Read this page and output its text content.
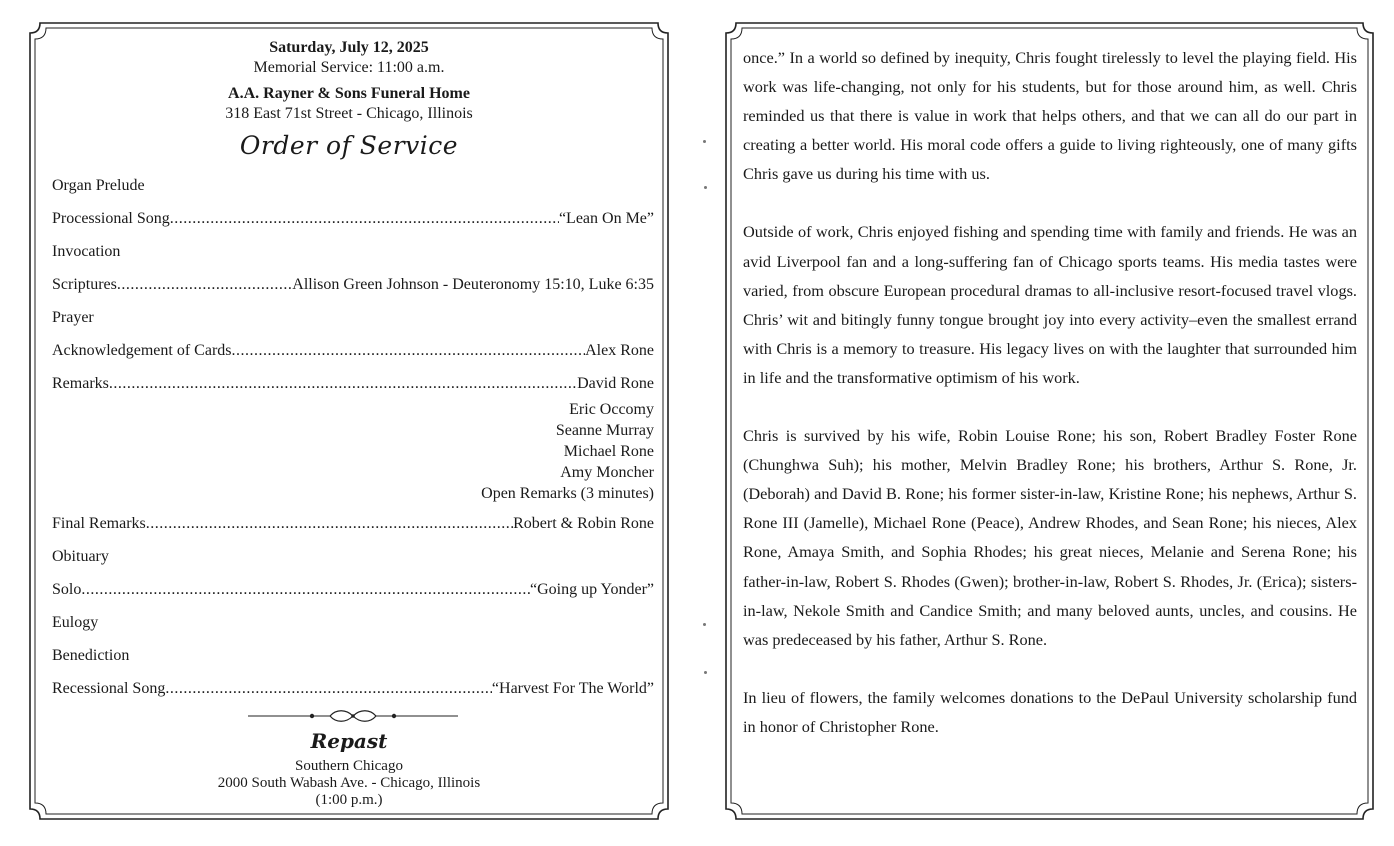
Saturday, July 12, 2025
Memorial Service: 11:00 a.m.
A.A. Rayner & Sons Funeral Home
318 East 71st Street - Chicago, Illinois
Order of Service
Organ Prelude
Processional Song .....	“Lean On Me”
Invocation
Scriptures .....	Allison Green Johnson - Deuteronomy 15:10, Luke 6:35
Prayer
Acknowledgement of Cards .....	Alex Rone
Remarks .....	David Rone
Eric Occomy
Seanne Murray
Michael Rone
Amy Moncher
Open Remarks (3 minutes)
Final Remarks .....	Robert & Robin Rone
Obituary
Solo .....	“Going up Yonder”
Eulogy
Benediction
Recessional Song .....	“Harvest For The World”
Repast
Southern Chicago
2000 South Wabash Ave. - Chicago, Illinois
(1:00 p.m.)

once.” In a world so defined by inequity, Chris fought tirelessly to level the playing field. His work was life-changing, not only for his students, but for those around him, as well. Chris reminded us that there is value in work that helps others, and that we can all do our part in creating a better world. His moral code offers a guide to living righteously, one of many gifts Chris gave us during his time with us.

Outside of work, Chris enjoyed fishing and spending time with family and friends. He was an avid Liverpool fan and a long-suffering fan of Chicago sports teams. His media tastes were varied, from obscure European procedural dramas to all-inclusive resort-focused travel vlogs. Chris’ wit and bitingly funny tongue brought joy into every activity–even the smallest errand with Chris is a memory to treasure. His legacy lives on with the laughter that surrounded him in life and the transformative optimism of his work.

Chris is survived by his wife, Robin Louise Rone; his son, Robert Bradley Foster Rone (Chunghwa Suh); his mother, Melvin Bradley Rone; his brothers, Arthur S. Rone, Jr. (Deborah) and David B. Rone; his former sister-in-law, Kristine Rone; his nephews, Arthur S. Rone III (Jamelle), Michael Rone (Peace), Andrew Rhodes, and Sean Rone; his nieces, Alex Rone, Amaya Smith, and Sophia Rhodes; his great nieces, Melanie and Serena Rone; his father-in-law, Robert S. Rhodes (Gwen); brother-in-law, Robert S. Rhodes, Jr. (Erica); sisters-in-law, Nekole Smith and Candice Smith; and many beloved aunts, uncles, and cousins. He was predeceased by his father, Arthur S. Rone.

In lieu of flowers, the family welcomes donations to the DePaul University scholarship fund in honor of Christopher Rone.
